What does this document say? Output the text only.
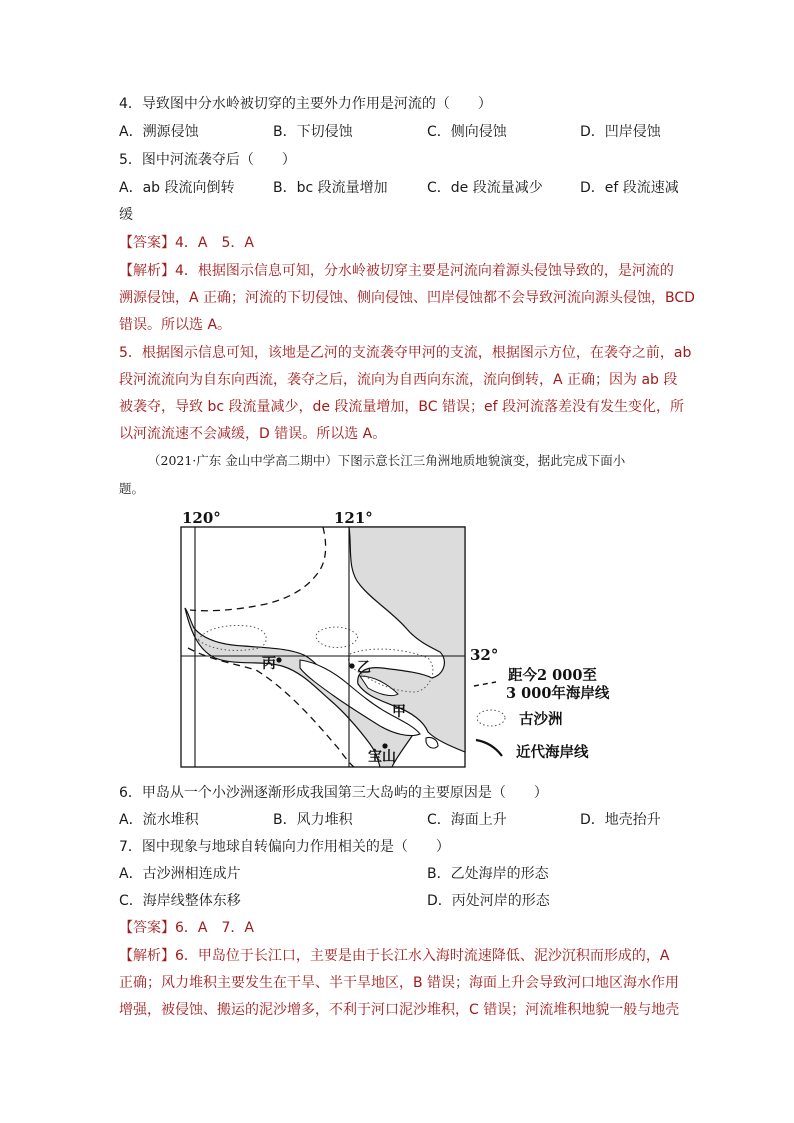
4．导致图中分水岭被切穿的主要外力作用是河流的（　　）
A．溯源侵蚀	B．下切侵蚀	C．侧向侵蚀	D．凹岸侵蚀
5．图中河流袭夺后（　　）
A．ab 段流向倒转	B．bc 段流量增加	C．de 段流量减少	D．ef 段流速减
缓
【答案】4．A　5．A
【解析】4．根据图示信息可知，分水岭被切穿主要是河流向着源头侵蚀导致的，是河流的
溯源侵蚀，A 正确；河流的下切侵蚀、侧向侵蚀、凹岸侵蚀都不会导致河流向源头侵蚀，BCD
错误。所以选 A。
5．根据图示信息可知，该地是乙河的支流袭夺甲河的支流，根据图示方位，在袭夺之前，ab
段河流流向为自东向西流，袭夺之后，流向为自西向东流，流向倒转，A 正确；因为 ab 段
被袭夺，导致 bc 段流量减少，de 段流量增加，BC 错误；ef 段河流落差没有发生变化，所
以河流流速不会减缓，D 错误。所以选 A。
（2021·广东 金山中学高二期中）下图示意长江三角洲地质地貌演变，据此完成下面小
题。
120°	121°
32°
丙	乙
甲
宝山
距今2 000至
3 000年海岸线
古沙洲
近代海岸线
6．甲岛从一个小沙洲逐渐形成我国第三大岛屿的主要原因是（　　）
A．流水堆积	B．风力堆积	C．海面上升	D．地壳抬升
7．图中现象与地球自转偏向力作用相关的是（　　）
A．古沙洲相连成片	B．乙处海岸的形态
C．海岸线整体东移	D．丙处河岸的形态
【答案】6．A　7．A
【解析】6．甲岛位于长江口，主要是由于长江水入海时流速降低、泥沙沉积而形成的，A
正确；风力堆积主要发生在干旱、半干旱地区，B 错误；海面上升会导致河口地区海水作用
增强，被侵蚀、搬运的泥沙增多，不利于河口泥沙堆积，C 错误；河流堆积地貌一般与地壳
